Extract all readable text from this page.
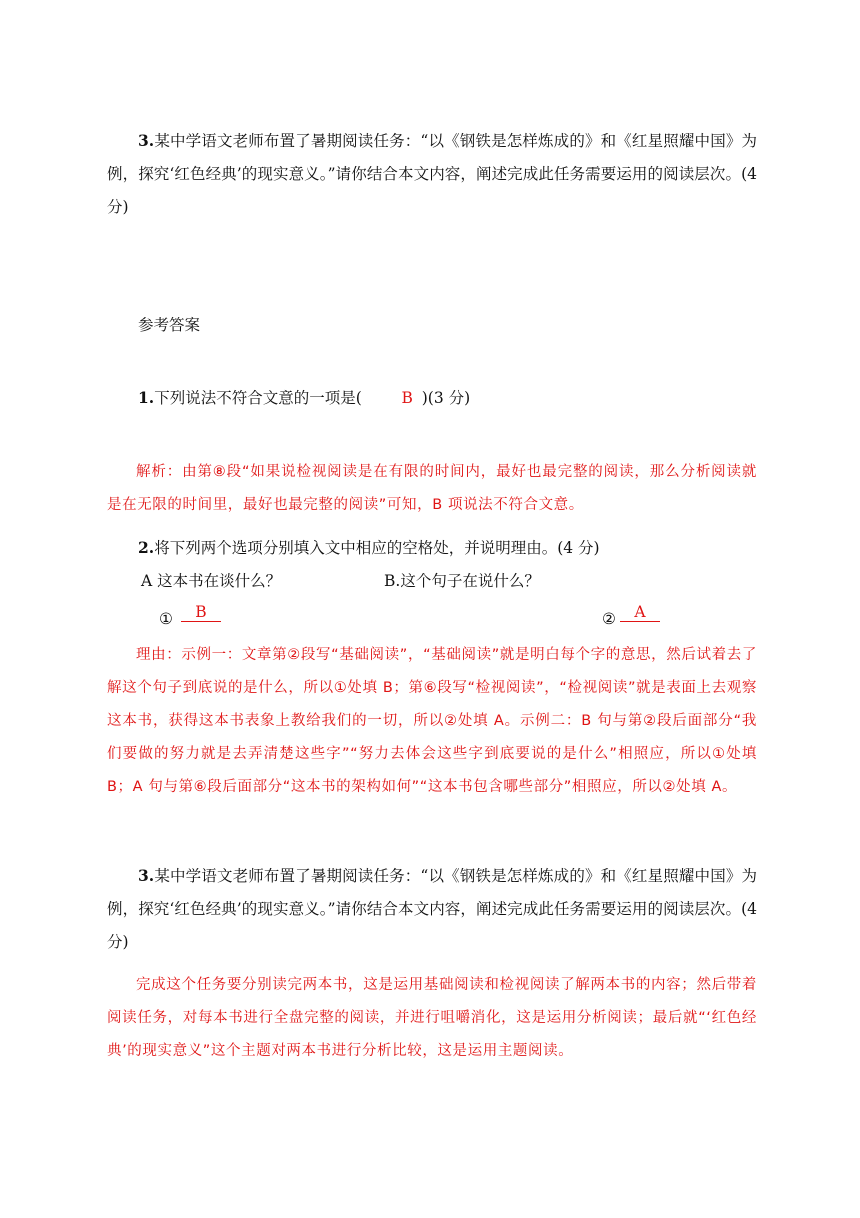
3.某中学语文老师布置了暑期阅读任务：“以《钢铁是怎样炼成的》和《红星照耀中国》为例，探究‘红色经典’的现实意义。”请你结合本文内容，阐述完成此任务需要运用的阅读层次。(4 分)

参考答案

1.下列说法不符合文意的一项是(	B )(3 分)

解析：由第⑧段“如果说检视阅读是在有限的时间内，最好也最完整的阅读，那么分析阅读就是在无限的时间里，最好也最完整的阅读”可知，B 项说法不符合文意。

2.将下列两个选项分别填入文中相应的空格处，并说明理由。(4 分)

A 这本书在谈什么？	B.这个句子在说什么？
①	B	②	A

理由：示例一：文章第②段写“基础阅读”，“基础阅读”就是明白每个字的意思，然后试着去了解这个句子到底说的是什么，所以①处填 B；第⑥段写“检视阅读”，“检视阅读”就是表面上去观察这本书，获得这本书表象上教给我们的一切，所以②处填 A。示例二：B 句与第②段后面部分“我们要做的努力就是去弄清楚这些字”“努力去体会这些字到底要说的是什么”相照应，所以①处填 B；A 句与第⑥段后面部分“这本书的架构如何”“这本书包含哪些部分”相照应，所以②处填 A。

3.某中学语文老师布置了暑期阅读任务：“以《钢铁是怎样炼成的》和《红星照耀中国》为例，探究‘红色经典’的现实意义。”请你结合本文内容，阐述完成此任务需要运用的阅读层次。(4 分)

完成这个任务要分别读完两本书，这是运用基础阅读和检视阅读了解两本书的内容；然后带着阅读任务，对每本书进行全盘完整的阅读，并进行咀嚼消化，这是运用分析阅读；最后就“‘红色经典’的现实意义”这个主题对两本书进行分析比较，这是运用主题阅读。
